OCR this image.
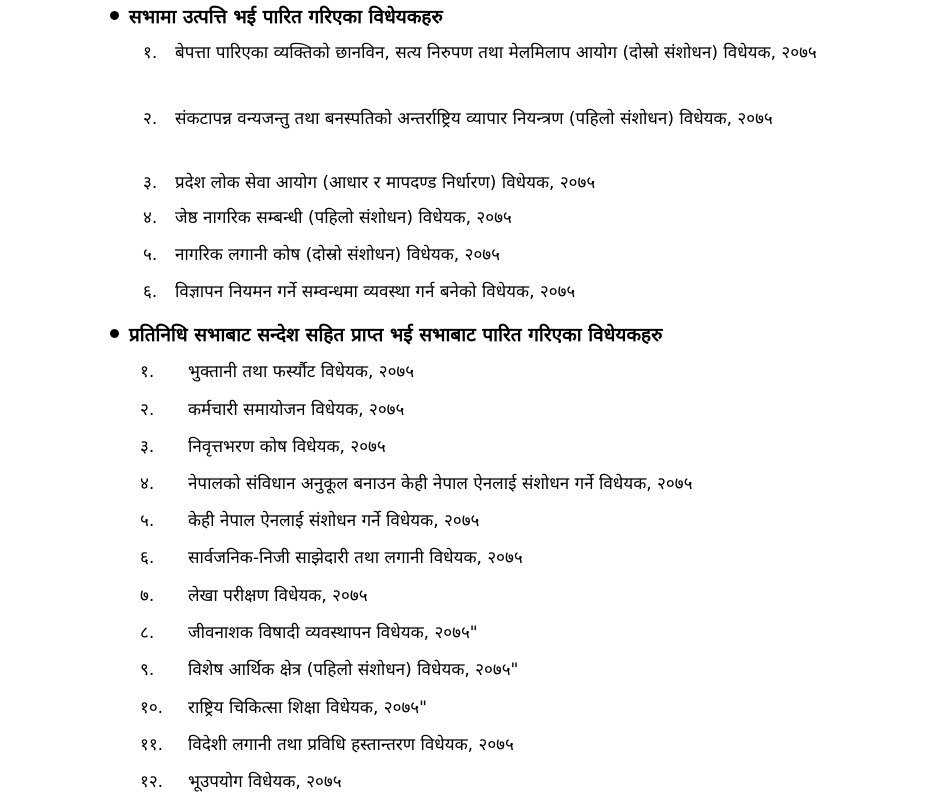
सभामा उत्पत्ति भई पारित गरिएका विधेयकहरु
१.	बेपत्ता पारिएका व्यक्तिको छानविन, सत्य निरुपण तथा मेलमिलाप आयोग (दोस्रो संशोधन) विधेयक, २०७५
२.	संकटापन्न वन्यजन्तु तथा बनस्पतिको अन्तर्राष्ट्रिय व्यापार नियन्त्रण (पहिलो संशोधन) विधेयक, २०७५
३.	प्रदेश लोक सेवा आयोग (आधार र मापदण्ड निर्धारण) विधेयक, २०७५
४.	जेष्ठ नागरिक सम्बन्धी (पहिलो संशोधन) विधेयक, २०७५
५.	नागरिक लगानी कोष (दोस्रो संशोधन) विधेयक, २०७५
६.	विज्ञापन नियमन गर्ने सम्वन्धमा व्यवस्था गर्न बनेको विधेयक, २०७५
प्रतिनिधि सभाबाट सन्देश सहित प्राप्त भई सभाबाट पारित गरिएका विधेयकहरु
१. भुक्तानी तथा फर्स्यौट विधेयक, २०७५
२. कर्मचारी समायोजन विधेयक, २०७५
३. निवृत्तभरण कोष विधेयक, २०७५
४. नेपालको संविधान अनुकूल बनाउन केही नेपाल ऐनलाई संशोधन गर्ने विधेयक, २०७५
५. केही नेपाल ऐनलाई संशोधन गर्ने विधेयक, २०७५
६. सार्वजनिक-निजी साझेदारी तथा लगानी विधेयक, २०७५
७. लेखा परीक्षण विधेयक, २०७५
८. जीवनाशक विषादी व्यवस्थापन विधेयक, २०७५"
९. विशेष आर्थिक क्षेत्र (पहिलो संशोधन) विधेयक, २०७५"
१०. राष्ट्रिय चिकित्सा शिक्षा विधेयक, २०७५"
११. विदेशी लगानी तथा प्रविधि हस्तान्तरण विधेयक, २०७५
१२. भूउपयोग विधेयक, २०७५
